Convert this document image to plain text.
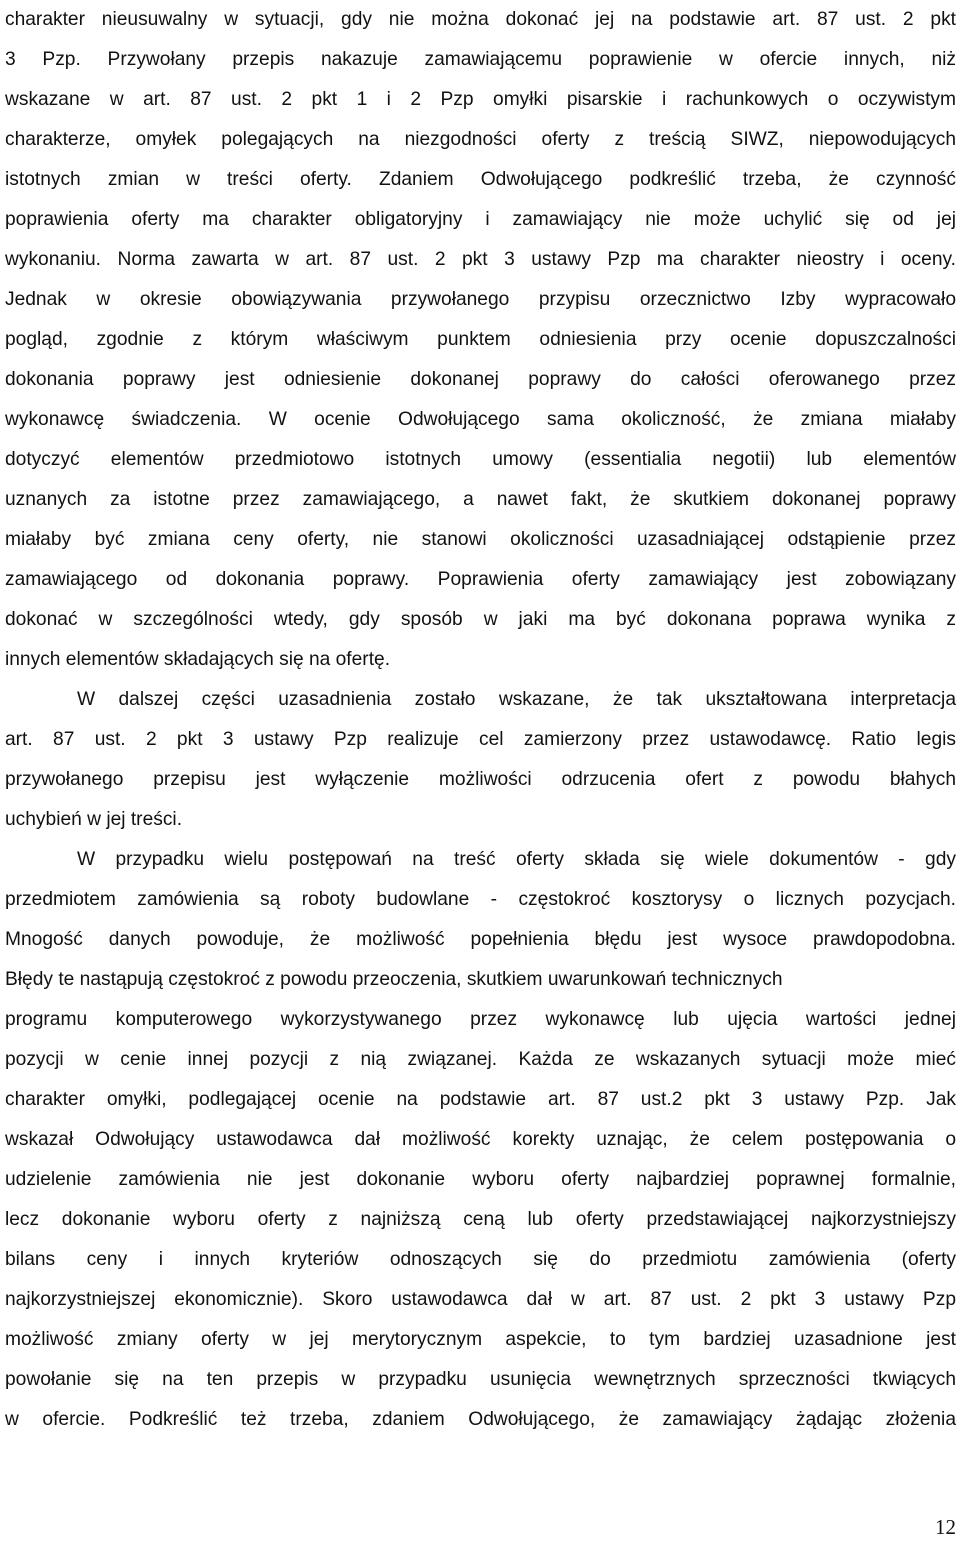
charakter nieusuwalny w sytuacji, gdy nie można dokonać jej na podstawie art. 87 ust. 2 pkt
3 Pzp. Przywołany przepis nakazuje zamawiającemu poprawienie w ofercie innych, niż
wskazane w art. 87 ust. 2 pkt 1 i 2 Pzp omyłki pisarskie i rachunkowych o oczywistym
charakterze, omyłek polegających na niezgodności oferty z treścią SIWZ, niepowodujących
istotnych zmian w treści oferty. Zdaniem Odwołującego podkreślić trzeba, że czynność
poprawienia oferty ma charakter obligatoryjny i zamawiający nie może uchylić się od jej
wykonaniu. Norma zawarta w art. 87 ust. 2 pkt 3 ustawy Pzp ma charakter nieostry i oceny.
Jednak w okresie obowiązywania przywołanego przypisu orzecznictwo Izby wypracowało
pogląd, zgodnie z którym właściwym punktem odniesienia przy ocenie dopuszczalności
dokonania poprawy jest odniesienie dokonanej poprawy do całości oferowanego przez
wykonawcę świadczenia. W ocenie Odwołującego sama okoliczność, że zmiana miałaby
dotyczyć elementów przedmiotowo istotnych umowy (essentialia negotii) lub elementów
uznanych za istotne przez zamawiającego, a nawet fakt, że skutkiem dokonanej poprawy
miałaby być zmiana ceny oferty, nie stanowi okoliczności uzasadniającej odstąpienie przez
zamawiającego od dokonania poprawy. Poprawienia oferty zamawiający jest zobowiązany
dokonać w szczególności wtedy, gdy sposób w jaki ma być dokonana poprawa wynika z
innych elementów składających się na ofertę.
W dalszej części uzasadnienia zostało wskazane, że tak ukształtowana interpretacja
art. 87 ust. 2 pkt 3 ustawy Pzp realizuje cel zamierzony przez ustawodawcę. Ratio legis
przywołanego przepisu jest wyłączenie możliwości odrzucenia ofert z powodu błahych
uchybień w jej treści.
W przypadku wielu postępowań na treść oferty składa się wiele dokumentów - gdy
przedmiotem zamówienia są roboty budowlane - częstokroć kosztorysy o licznych pozycjach.
Mnogość danych powoduje, że możliwość popełnienia błędu jest wysoce prawdopodobna.
Błędy te nastąpują częstokroć z powodu przeoczenia, skutkiem uwarunkowań technicznych
programu komputerowego wykorzystywanego przez wykonawcę lub ujęcia wartości jednej
pozycji w cenie innej pozycji z nią związanej. Każda ze wskazanych sytuacji może mieć
charakter omyłki, podlegającej ocenie na podstawie art. 87 ust.2 pkt 3 ustawy Pzp. Jak
wskazał Odwołujący ustawodawca dał możliwość korekty uznając, że celem postępowania o
udzielenie zamówienia nie jest dokonanie wyboru oferty najbardziej poprawnej formalnie,
lecz dokonanie wyboru oferty z najniższą ceną lub oferty przedstawiającej najkorzystniejszy
bilans ceny i innych kryteriów odnoszących się do przedmiotu zamówienia (oferty
najkorzystniejszej ekonomicznie). Skoro ustawodawca dał w art. 87 ust. 2 pkt 3 ustawy Pzp
możliwość zmiany oferty w jej merytorycznym aspekcie, to tym bardziej uzasadnione jest
powołanie się na ten przepis w przypadku usunięcia wewnętrznych sprzeczności tkwiących
w ofercie. Podkreślić też trzeba, zdaniem Odwołującego, że zamawiający żądając złożenia
12
